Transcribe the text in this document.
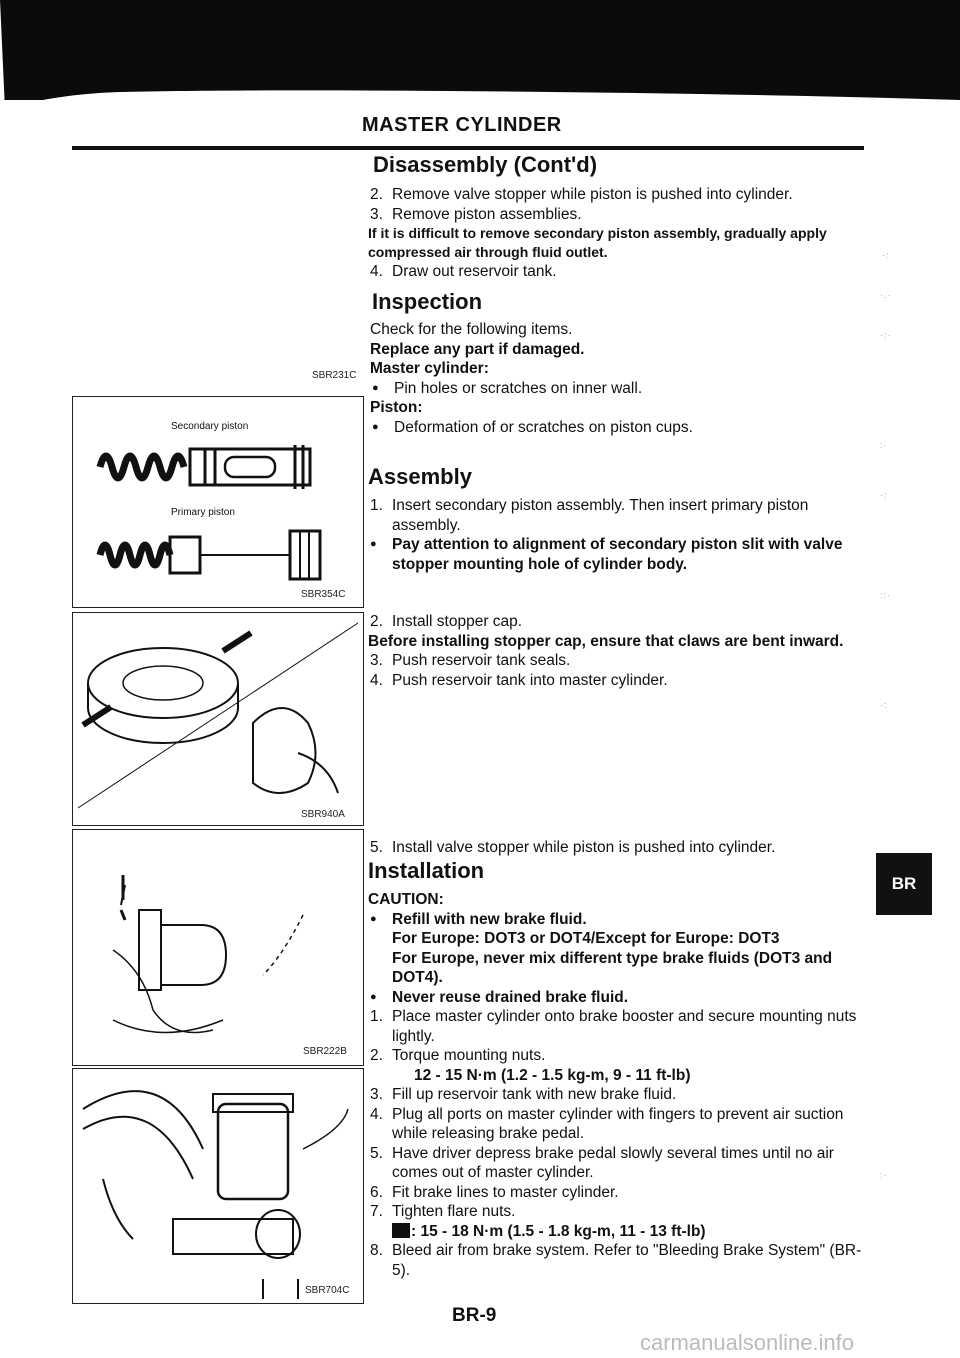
MASTER CYLINDER
Disassembly (Cont'd)
2. Remove valve stopper while piston is pushed into cylinder.
3. Remove piston assemblies.
If it is difficult to remove secondary piston assembly, gradually apply compressed air through fluid outlet.
4. Draw out reservoir tank.
Inspection
Check for the following items.
Replace any part if damaged.
Master cylinder:
● Pin holes or scratches on inner wall.
Piston:
● Deformation of or scratches on piston cups.
Assembly
1. Insert secondary piston assembly. Then insert primary piston assembly.
● Pay attention to alignment of secondary piston slit with valve stopper mounting hole of cylinder body.
2. Install stopper cap.
Before installing stopper cap, ensure that claws are bent inward.
3. Push reservoir tank seals.
4. Push reservoir tank into master cylinder.
5. Install valve stopper while piston is pushed into cylinder.
Installation
CAUTION:
● Refill with new brake fluid.
For Europe: DOT3 or DOT4/Except for Europe: DOT3
For Europe, never mix different type brake fluids (DOT3 and DOT4).
● Never reuse drained brake fluid.
1. Place master cylinder onto brake booster and secure mounting nuts lightly.
2. Torque mounting nuts.
12 - 15 N·m (1.2 - 1.5 kg-m, 9 - 11 ft-lb)
3. Fill up reservoir tank with new brake fluid.
4. Plug all ports on master cylinder with fingers to prevent air suction while releasing brake pedal.
5. Have driver depress brake pedal slowly several times until no air comes out of master cylinder.
6. Fit brake lines to master cylinder.
7. Tighten flare nuts.
: 15 - 18 N·m (1.5 - 1.8 kg-m, 11 - 13 ft-lb)
8. Bleed air from brake system. Refer to "Bleeding Brake System" (BR-5).
SBR231C
Secondary piston
Primary piston
SBR354C
SBR940A
SBR222B
SBR704C
BR
·:
·.·
·:·
:·
·:
::·
·:
:·
BR-9
carmanualsonline.info
